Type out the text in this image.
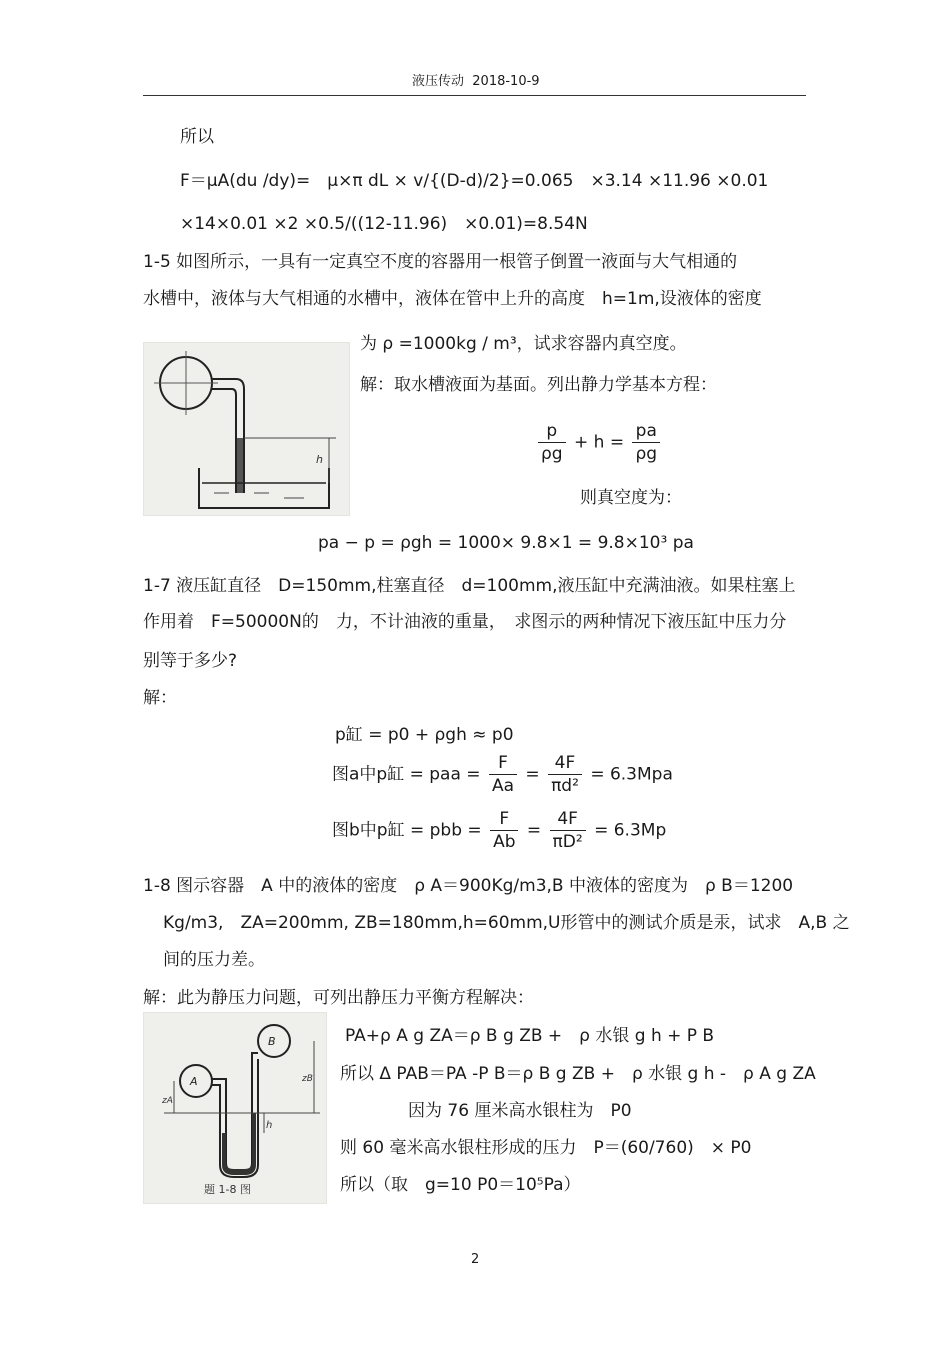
液压传动 2018-10-9
所以
F＝μA(du /dy)=　μ×π dL × v/{(D-d)/2}=0.065　×3.14 ×11.96 ×0.01
×14×0.01 ×2 ×0.5/((12-11.96)　×0.01)=8.54N
1-5 如图所示，一具有一定真空不度的容器用一根管子倒置一液面与大气相通的
水槽中，液体与大气相通的水槽中，液体在管中上升的高度　h=1m,设液体的密度
h
为 ρ =1000kg / m³，试求容器内真空度。
解：取水槽液面为基面。列出静力学基本方程：
$\frac{p}{\rho g} + h = \frac{pa}{\rho g}$
则真空度为：
pa − p = ρgh = 1000× 9.8×1 = 9.8×10³ pa
1-7 液压缸直径　D=150mm,柱塞直径　d=100mm,液压缸中充满油液。如果柱塞上
作用着　F=50000N的　力，不计油液的重量，　求图示的两种情况下液压缸中压力分
别等于多少?
解：
p缸 = p0 + ρgh ≈ p0
图a中p缸 = paa = $\frac{F}{Aa} = \frac{4F}{\text{πd²}} = 6.3Mpa$
图b中p缸 = pbb = $\frac{F}{Ab} = \frac{4F}{\text{πD²}} = 6.3Mp$
1-8 图示容器　A 中的液体的密度　ρ A＝900Kg/m3,B 中液体的密度为　ρ B＝1200
Kg/m3,　ZA=200mm, ZB=180mm,h=60mm,U形管中的测试介质是汞，试求　A,B 之
间的压力差。
解：此为静压力问题，可列出静压力平衡方程解决：
A
B
zA
zB
h
题 1-8 图
PA+ρ A g ZA＝ρ B g ZB +　ρ 水银 g h + P B
所以 Δ PAB＝PA -P B＝ρ B g ZB +　ρ 水银 g h -　ρ A g ZA
因为 76 厘米高水银柱为　P0
则 60 毫米高水银柱形成的压力　P＝(60/760)　× P0
所以（取　g=10 P0＝10⁵Pa）
2
